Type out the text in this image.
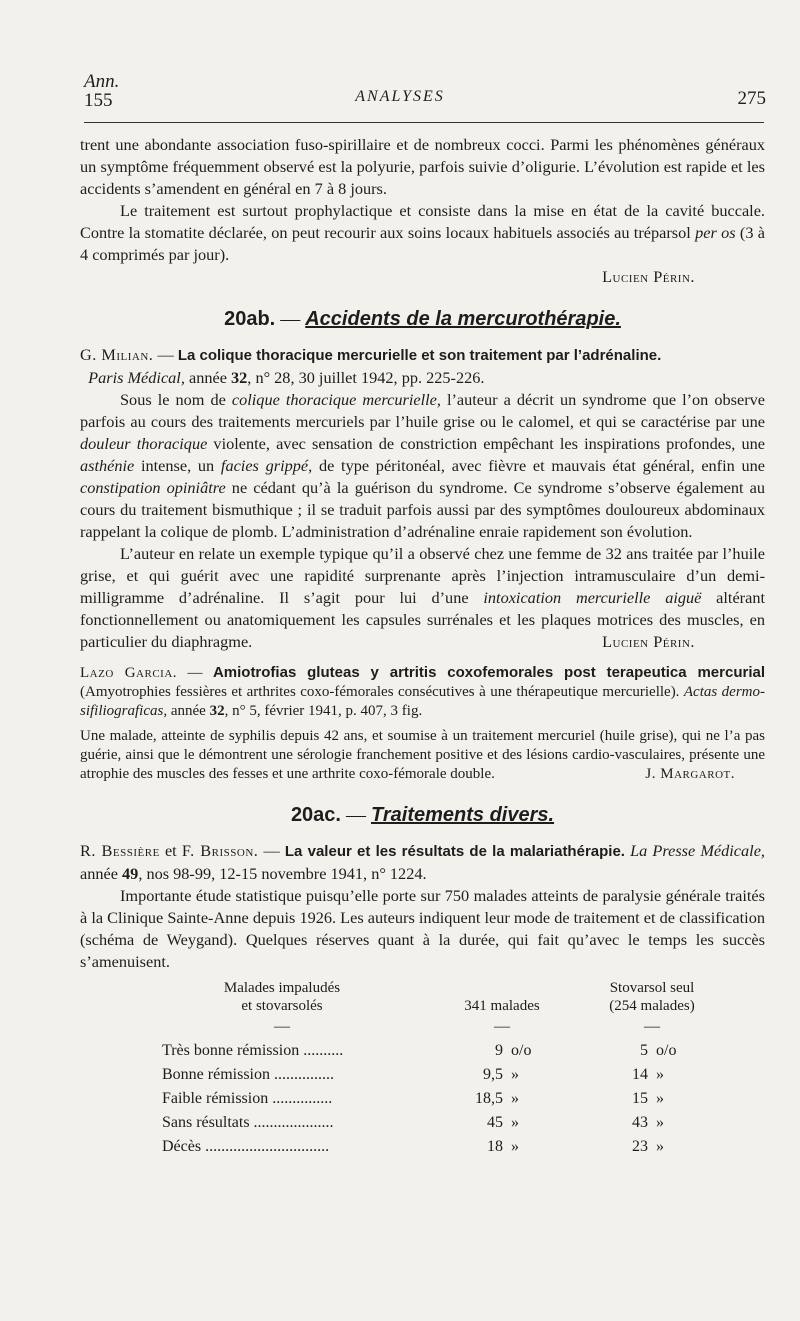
Ann.
155	ANALYSES	275

trent une abondante association fuso-spirillaire et de nombreux cocci. Parmi les phénomènes généraux un symptôme fréquemment observé est la polyurie, parfois suivie d’oligurie. L’évolution est rapide et les accidents s’amendent en général en 7 à 8 jours.

Le traitement est surtout prophylactique et consiste dans la mise en état de la cavité buccale. Contre la stomatite déclarée, on peut recourir aux soins locaux habituels associés au tréparsol per os (3 à 4 comprimés par jour).

Lucien Périn.

20ab. — Accidents de la mercurothérapie.

G. Milian. — La colique thoracique mercurielle et son traitement par l’adrénaline.
Paris Médical, année 32, n° 28, 30 juillet 1942, pp. 225-226.

Sous le nom de colique thoracique mercurielle, l’auteur a décrit un syndrome que l’on observe parfois au cours des traitements mercuriels par l’huile grise ou le calomel, et qui se caractérise par une douleur thoracique violente, avec sensation de constriction empêchant les inspirations profondes, une asthénie intense, un facies grippé, de type péritonéal, avec fièvre et mauvais état général, enfin une constipation opiniâtre ne cédant qu’à la guérison du syndrome. Ce syndrome s’observe également au cours du traitement bismuthique ; il se traduit parfois aussi par des symptômes douloureux abdominaux rappelant la colique de plomb. L’administration d’adrénaline enraie rapidement son évolution.

L’auteur en relate un exemple typique qu’il a observé chez une femme de 32 ans traitée par l’huile grise, et qui guérit avec une rapidité surprenante après l’injection intramusculaire d’un demi-milligramme d’adrénaline. Il s’agit pour lui d’une intoxication mercurielle aiguë altérant fonctionnellement ou anatomiquement les capsules surrénales et les plaques motrices des muscles, en particulier du diaphragme.	Lucien Périn.

Lazo Garcia. — Amiotrofias gluteas y artritis coxofemorales post terapeutica mercurial (Amyotrophies fessières et arthrites coxo-fémorales consécutives à une thérapeutique mercurielle). Actas dermo-sifiliograficas, année 32, n° 5, février 1941, p. 407, 3 fig.

Une malade, atteinte de syphilis depuis 42 ans, et soumise à un traitement mercuriel (huile grise), qui ne l’a pas guérie, ainsi que le démontrent une sérologie franchement positive et des lésions cardio-vasculaires, présente une atrophie des muscles des fesses et une arthrite coxo-fémorale double.	J. Margarot.

20ac. — Traitements divers.

R. Bessière et F. Brisson. — La valeur et les résultats de la malariathérapie. La Presse Médicale, année 49, nos 98-99, 12-15 novembre 1941, n° 1224.

Importante étude statistique puisqu’elle porte sur 750 malades atteints de paralysie générale traités à la Clinique Sainte-Anne depuis 1926. Les auteurs indiquent leur mode de traitement et de classification (schéma de Weygand). Quelques réserves quant à la durée, qui fait qu’avec le temps les succès s’amenuisent.

Malades impaludés
et stovarsolés	341 malades	Stovarsol seul
(254 malades)
—	—	—
Très bonne rémission ..........	9 o/o	5 o/o
Bonne rémission ...............	9,5 »	14 »
Faible rémission ...............	18,5 »	15 »
Sans résultats ....................	45 »	43 »
Décès ...............................	18 »	23 »
